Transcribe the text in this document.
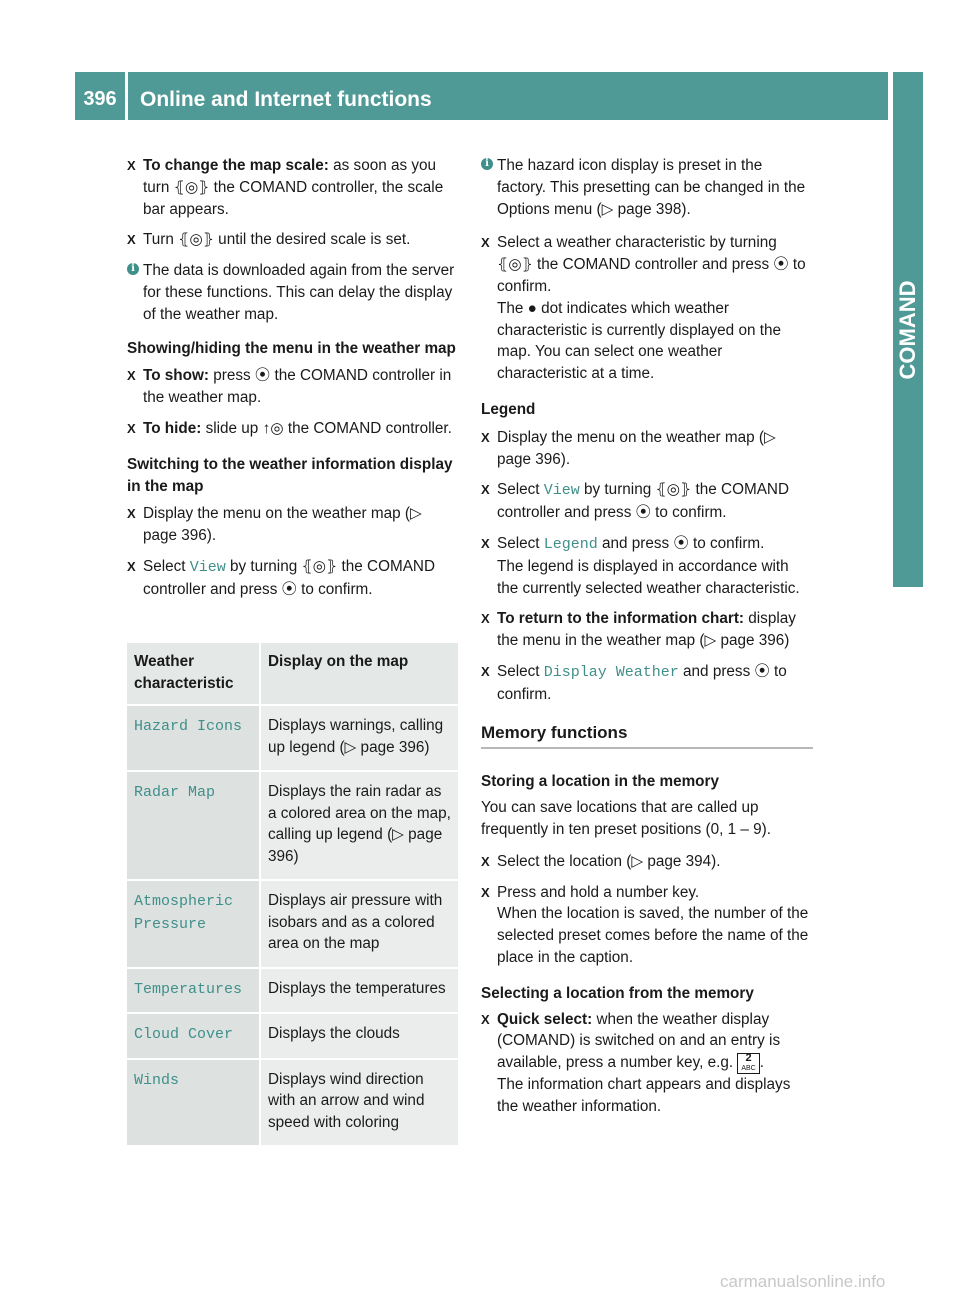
396	Online and Internet functions
COMAND
X To change the map scale: as soon as you turn ⦃◎⦄ the COMAND controller, the scale bar appears.
X Turn ⦃◎⦄ until the desired scale is set.
i The data is downloaded again from the server for these functions. This can delay the display of the weather map.

Showing/hiding the menu in the weather map

X To show: press ⦿ the COMAND controller in the weather map.
X To hide: slide up ↑◎ the COMAND controller.

Switching to the weather information display in the map

X Display the menu on the weather map (▷ page 396).
X Select View by turning ⦃◎⦄ the COMAND controller and press ⦿ to confirm.
Weather characteristic	Display on the map
Hazard Icons	Displays warnings, calling up legend (▷ page 396)
Radar Map	Displays the rain radar as a colored area on the map, calling up legend (▷ page 396)
Atmospheric Pressure	Displays air pressure with isobars and as a colored area on the map
Temperatures	Displays the temperatures
Cloud Cover	Displays the clouds
Winds	Displays wind direction with an arrow and wind speed with coloring
i The hazard icon display is preset in the factory. This presetting can be changed in the Options menu (▷ page 398).
X Select a weather characteristic by turning ⦃◎⦄ the COMAND controller and press ⦿ to confirm.
The ● dot indicates which weather characteristic is currently displayed on the map. You can select one weather characteristic at a time.

Legend

X Display the menu on the weather map (▷ page 396).
X Select View by turning ⦃◎⦄ the COMAND controller and press ⦿ to confirm.
X Select Legend and press ⦿ to confirm.
The legend is displayed in accordance with the currently selected weather characteristic.
X To return to the information chart: display the menu in the weather map (▷ page 396)
X Select Display Weather and press ⦿ to confirm.
Memory functions

Storing a location in the memory

You can save locations that are called up frequently in ten preset positions (0, 1 – 9).

X Select the location (▷ page 394).
X Press and hold a number key.
When the location is saved, the number of the selected preset comes before the name of the place in the caption.

Selecting a location from the memory

X Quick select: when the weather display (COMAND) is switched on and an entry is available, press a number key, e.g. 2
ABC .
The information chart appears and displays the weather information.
carmanualsonline.info
